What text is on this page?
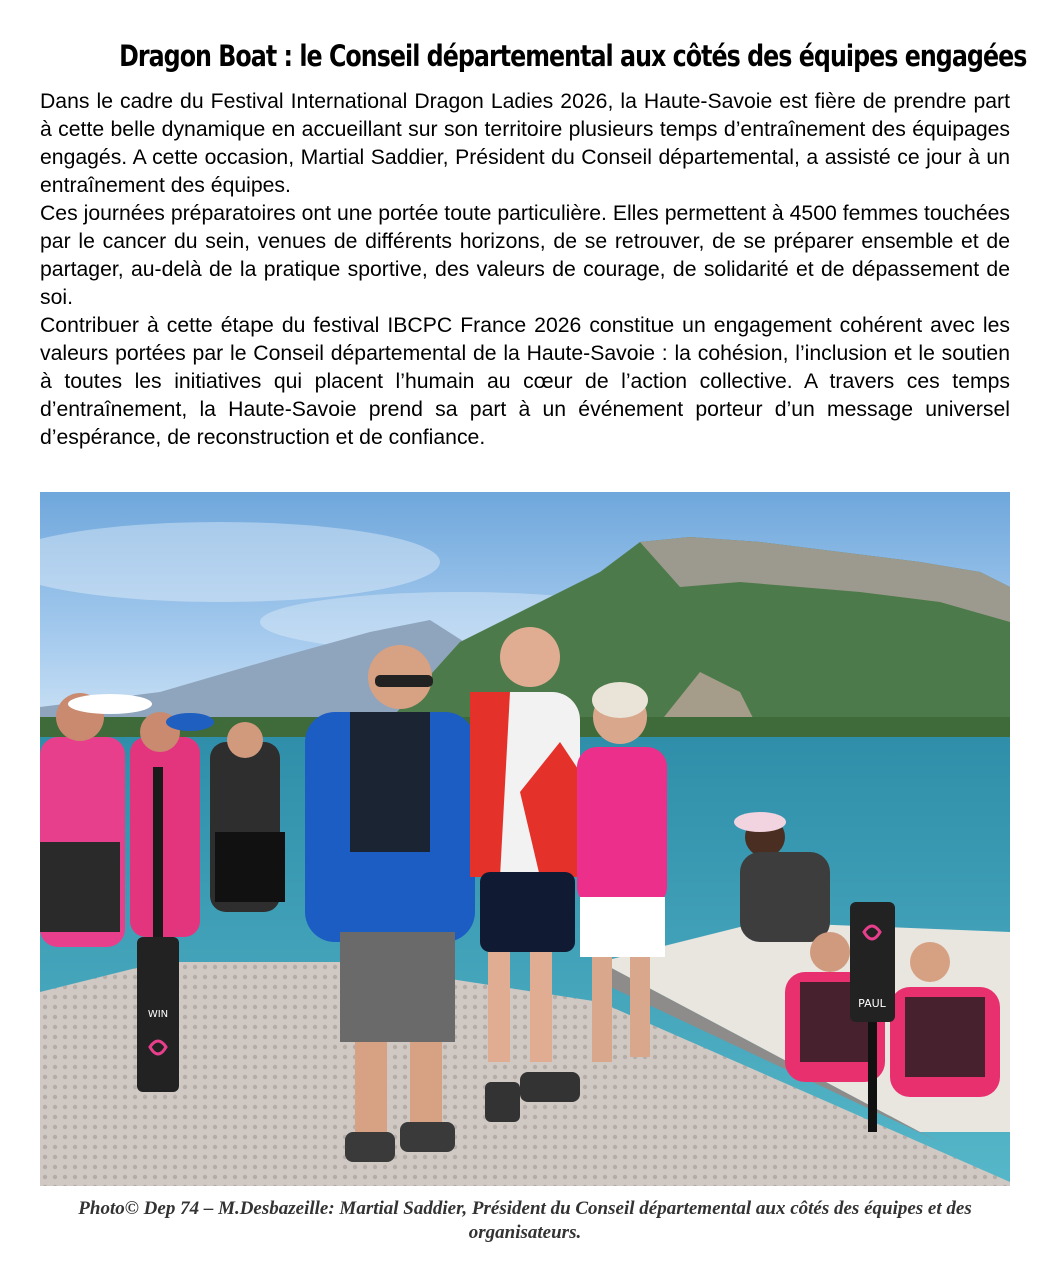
Dragon Boat : le Conseil départemental aux côtés des équipes engagées

Dans le cadre du Festival International Dragon Ladies 2026, la Haute-Savoie est fière de prendre part à cette belle dynamique en accueillant sur son territoire plusieurs temps d’entraînement des équipages engagés. A cette occasion, Martial Saddier, Président du Conseil départemental, a assisté ce jour à un entraînement des équipes.

Ces journées préparatoires ont une portée toute particulière. Elles permettent à 4500 femmes touchées par le cancer du sein, venues de différents horizons, de se retrouver, de se préparer ensemble et de partager, au-delà de la pratique sportive, des valeurs de courage, de solidarité et de dépassement de soi.

Contribuer à cette étape du festival IBCPC France 2026 constitue un engagement cohérent avec les valeurs portées par le Conseil départemental de la Haute-Savoie : la cohésion, l’inclusion et le soutien à toutes les initiatives qui placent l’humain au cœur de l’action collective. A travers ces temps d’entraînement, la Haute-Savoie prend sa part à un événement porteur d’un message universel d’espérance, de reconstruction et de confiance.

WIN
PAUL
Photo© Dep 74 – M.Desbazeille: Martial Saddier, Président du Conseil départemental aux côtés des équipes et des organisateurs.
